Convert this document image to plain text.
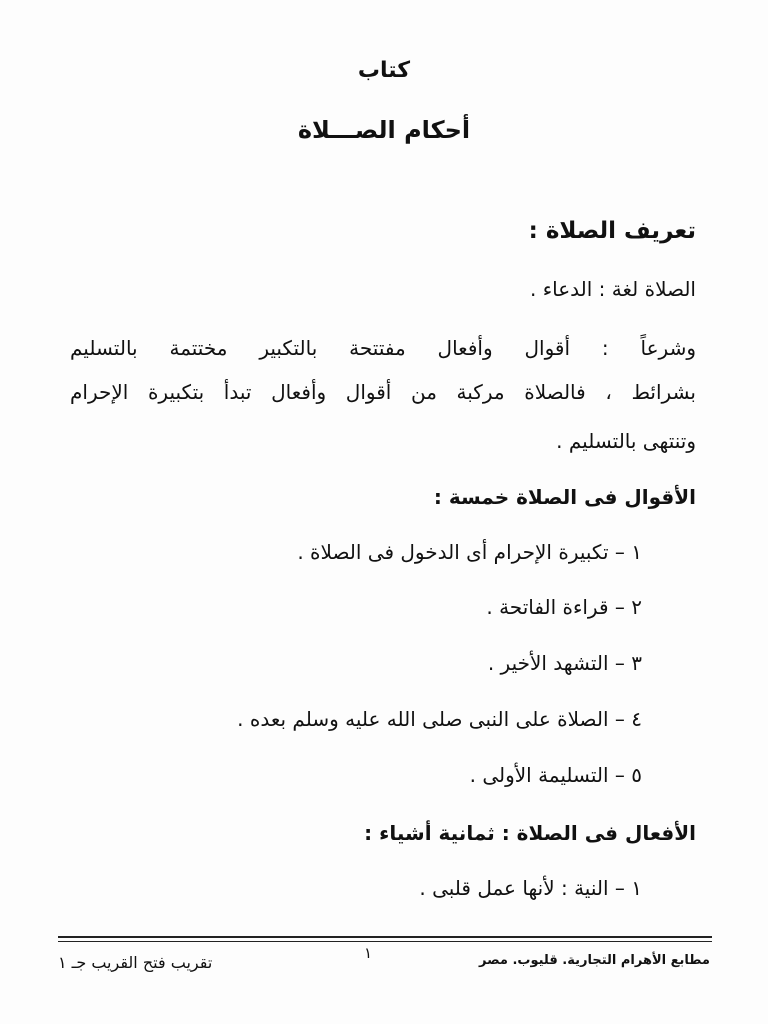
كتاب
أحكام الصـــلاة
تعريف الصلاة :
الصلاة لغة : الدعاء .
وشرعاً : أقوال وأفعال مفتتحة بالتكبير مختتمة بالتسليم
بشرائط ، فالصلاة مركبة من أقوال وأفعال تبدأ بتكبيرة الإحرام
وتنتهى بالتسليم .
الأقوال فى الصلاة خمسة :
١ – تكبيرة الإحرام أى الدخول فى الصلاة .
٢ – قراءة الفاتحة .
٣ – التشهد الأخير .
٤ – الصلاة على النبى صلى الله عليه وسلم بعده .
٥ – التسليمة الأولى .
الأفعال فى الصلاة : ثمانية أشياء :
١ – النية : لأنها عمل قلبى .
مطابع الأهرام التجارية. قليوب. مصر
١
تقريب فتح القريب جـ ١
